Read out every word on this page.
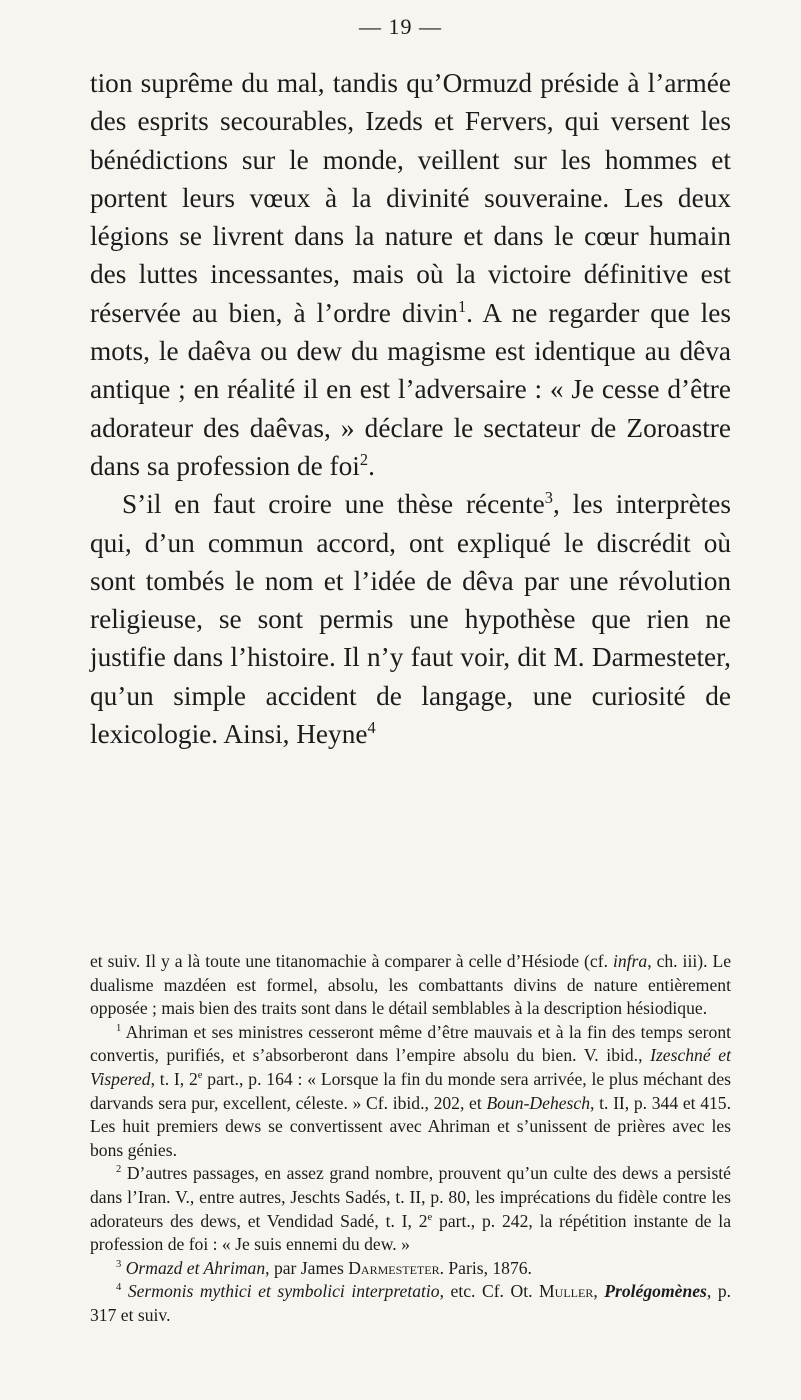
— 19 —

tion suprême du mal, tandis qu’Ormuzd préside à l’armée des esprits secourables, Izeds et Fervers, qui versent les bénédictions sur le monde, veillent sur les hommes et portent leurs vœux à la divinité souveraine. Les deux légions se livrent dans la nature et dans le cœur humain des luttes incessantes, mais où la victoire définitive est réservée au bien, à l’ordre divin$^1$. A ne regarder que les mots, le daêva ou dew du magisme est identique au dêva antique ; en réalité il en est l’adversaire : « Je cesse d’être adorateur des daêvas, » déclare le sectateur de Zoroastre dans sa profession de foi$^2$.

S’il en faut croire une thèse récente$^3$, les interprètes qui, d’un commun accord, ont expliqué le discrédit où sont tombés le nom et l’idée de dêva par une révolution religieuse, se sont permis une hypothèse que rien ne justifie dans l’histoire. Il n’y faut voir, dit M. Darmesteter, qu’un simple accident de langage, une curiosité de lexicologie. Ainsi, Heyne$^4$

et suiv. Il y a là toute une titanomachie à comparer à celle d’Hésiode (cf. infra, ch. iii). Le dualisme mazdéen est formel, absolu, les combattants divins de nature entièrement opposée ; mais bien des traits sont dans le détail semblables à la description hésiodique.

$^1$ Ahriman et ses ministres cesseront même d’être mauvais et à la fin des temps seront convertis, purifiés, et s’absorberont dans l’empire absolu du bien. V. ibid., Izeschné et Vispered, t. I, 2e part., p. 164 : « Lorsque la fin du monde sera arrivée, le plus méchant des darvands sera pur, excellent, céleste. » Cf. ibid., 202, et Boun-Dehesch, t. II, p. 344 et 415. Les huit premiers dews se convertissent avec Ahriman et s’unissent de prières avec les bons génies.

$^2$ D’autres passages, en assez grand nombre, prouvent qu’un culte des dews a persisté dans l’Iran. V., entre autres, Jeschts Sadés, t. II, p. 80, les imprécations du fidèle contre les adorateurs des dews, et Vendidad Sadé, t. I, 2e part., p. 242, la répétition instante de la profession de foi : « Je suis ennemi du dew. »

$^3$ Ormazd et Ahriman, par James Darmesteter. Paris, 1876.

$^4$ Sermonis mythici et symbolici interpretatio, etc. Cf. Ot. Muller, Prolégomènes, p. 317 et suiv.
